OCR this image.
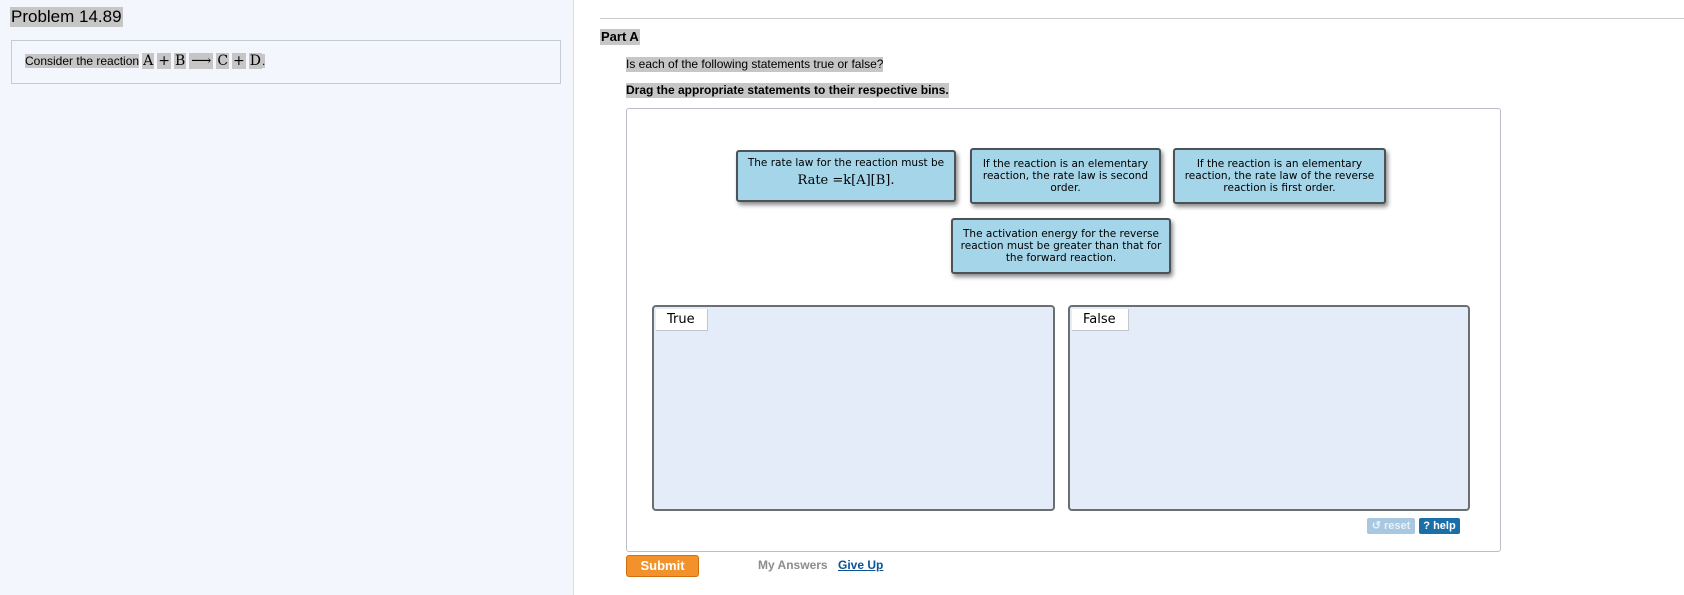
Problem 14.89
Consider the reaction A + B ⟶ C + D .
Part A
Is each of the following statements true or false?
Drag the appropriate statements to their respective bins.
The rate law for the reaction must be
Rate =k[A][B].
If the reaction is an elementary reaction, the rate law is second order.
If the reaction is an elementary reaction, the rate law of the reverse reaction is first order.
The activation energy for the reverse reaction must be greater than that for the forward reaction.
True	False
↺ reset	? help
Submit	My Answers Give Up
